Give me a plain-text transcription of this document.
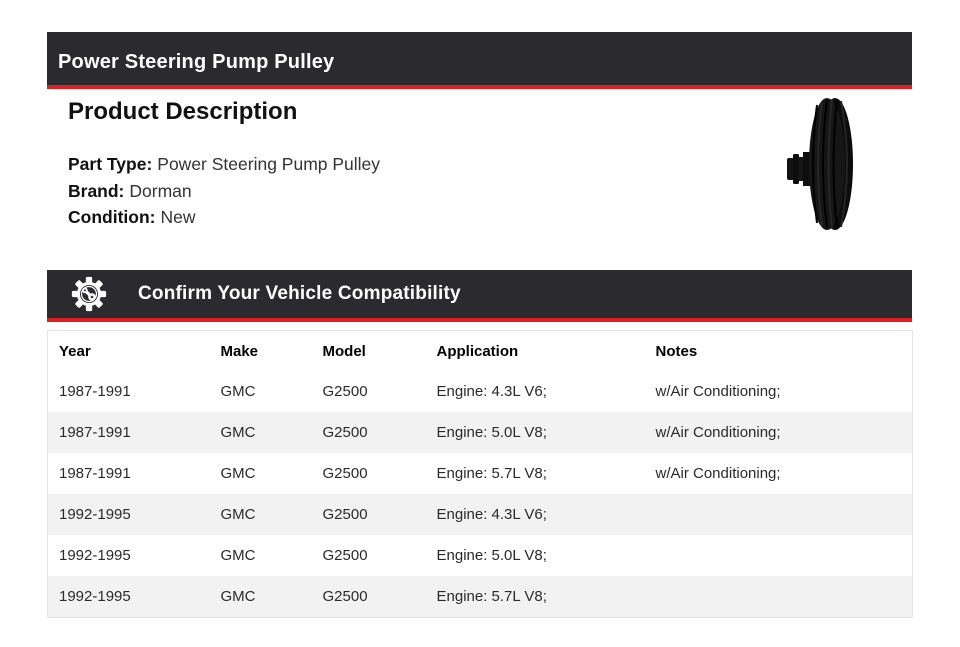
Power Steering Pump Pulley
Product Description
Part Type: Power Steering Pump Pulley
Brand: Dorman
Condition: New
Confirm Your Vehicle Compatibility
Year	Make	Model	Application	Notes
1987-1991	GMC	G2500	Engine: 4.3L V6;	w/Air Conditioning;
1987-1991	GMC	G2500	Engine: 5.0L V8;	w/Air Conditioning;
1987-1991	GMC	G2500	Engine: 5.7L V8;	w/Air Conditioning;
1992-1995	GMC	G2500	Engine: 4.3L V6;	
1992-1995	GMC	G2500	Engine: 5.0L V8;	
1992-1995	GMC	G2500	Engine: 5.7L V8;	
